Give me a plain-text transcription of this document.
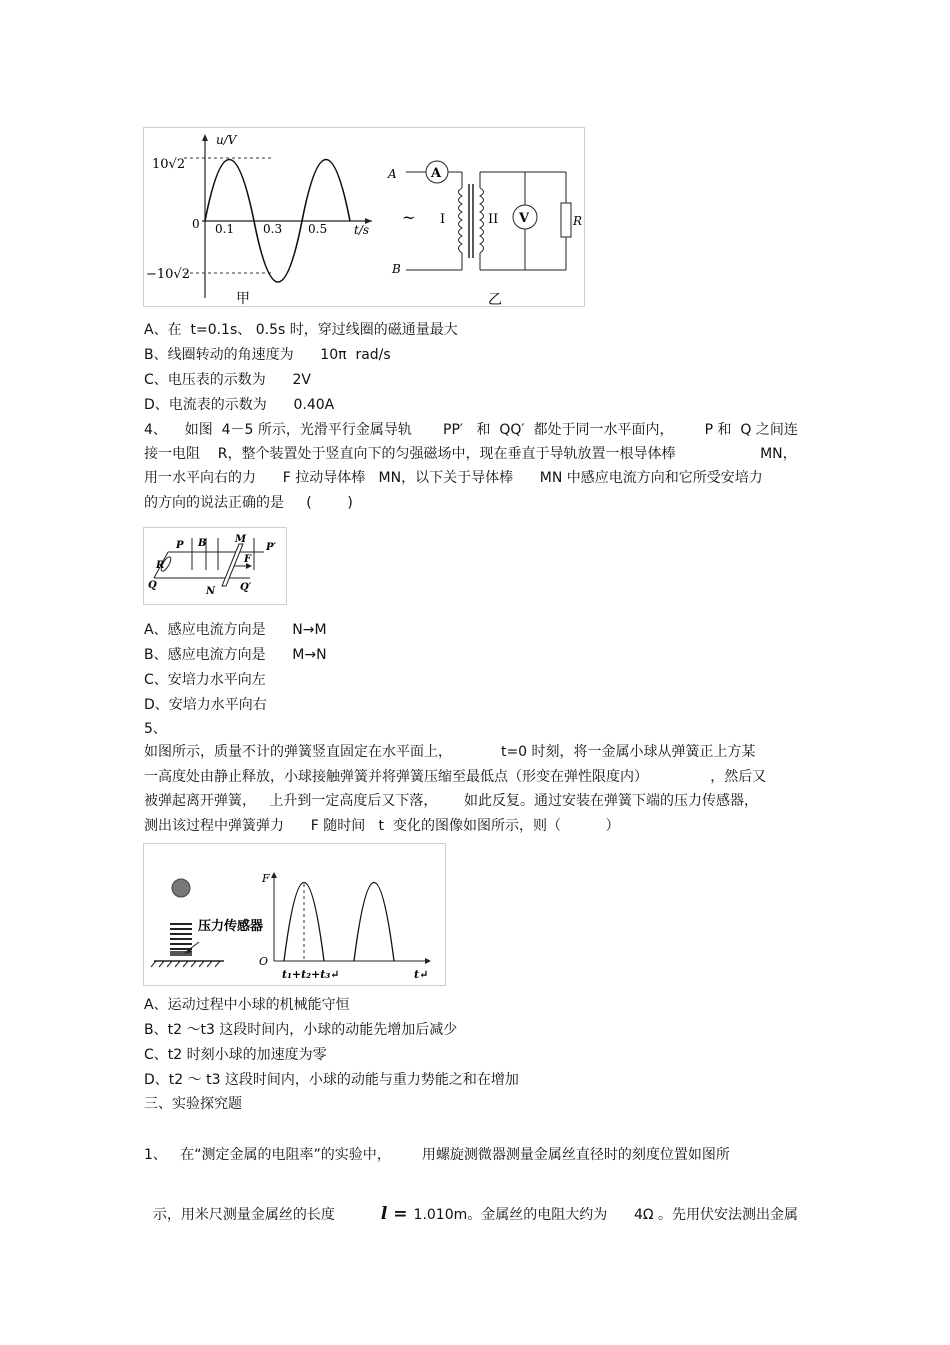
u/V
0 0.1 0.3 0.5 t/s
10√2
−10√2
甲
A
B
A
I	II
~	V	R
乙
A、在  t=0.1s、 0.5s 时，穿过线圈的磁通量最大
B、线圈转动的角速度为      10π  rad/s
C、电压表的示数为      2V
D、电流表的示数为      0.40A
4、    如图  4－5 所示，光滑平行金属导轨       PP′   和  QQ′  都处于同一水平面内，       P 和  Q 之间连
接一电阻    R，整个装置处于竖直向下的匀强磁场中，现在垂直于导轨放置一根导体棒                   MN，
用一水平向右的力      F 拉动导体棒   MN，以下关于导体棒      MN 中感应电流方向和它所受安培力
的方向的说法正确的是     (        )
P B	M
P′
R
F
Q
N Q′
A、感应电流方向是      N→M
B、感应电流方向是      M→N
C、安培力水平向左
D、安培力水平向右
5、
如图所示，质量不计的弹簧竖直固定在水平面上，           t=0 时刻，将一金属小球从弹簧正上方某
一高度处由静止释放，小球接触弹簧并将弹簧压缩至最低点（形变在弹性限度内）              ，然后又
被弹起离开弹簧，   上升到一定高度后又下落，      如此反复。通过安装在弹簧下端的压力传感器，
测出该过程中弹簧弹力      F 随时间   t  变化的图像如图所示，则（          ）
压力传感器
F
O
t₁+t₂+t₃↵	t↵
A、运动过程中小球的机械能守恒
B、t2 ～t3 这段时间内，小球的动能先增加后减少
C、t2 时刻小球的加速度为零
D、t2 ～ t3 这段时间内，小球的动能与重力势能之和在增加
三、实验探究题
1、   在“测定金属的电阻率”的实验中，       用螺旋测微器测量金属丝直径时的刻度位置如图所

示，用米尺测量金属丝的长度	l = 1.010m。金属丝的电阻大约为      4Ω 。先用伏安法测出金属
